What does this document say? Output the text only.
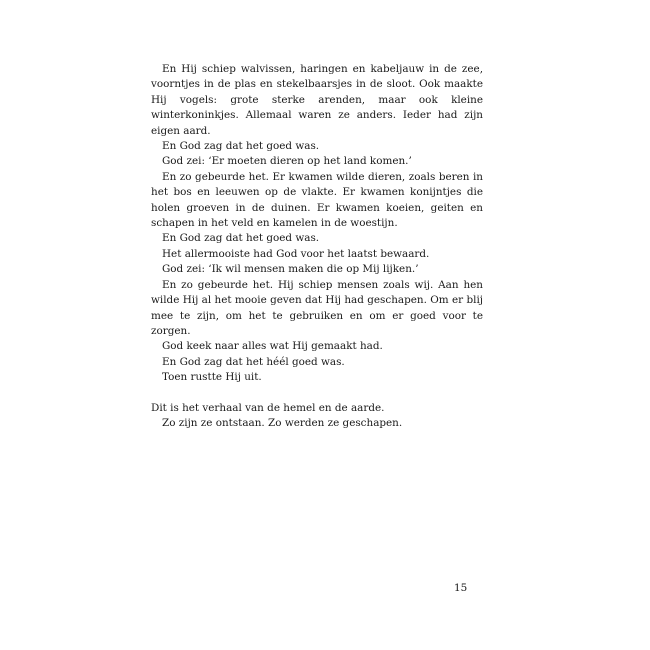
En Hij schiep walvissen, haringen en kabeljauw in de zee, voorntjes in de plas en stekelbaarsjes in de sloot. Ook maakte Hij vogels: grote sterke arenden, maar ook kleine winterkoninkjes. Allemaal waren ze anders. Ieder had zijn eigen aard.

En God zag dat het goed was.

God zei: ‘Er moeten dieren op het land komen.’

En zo gebeurde het. Er kwamen wilde dieren, zoals beren in het bos en leeuwen op de vlakte. Er kwamen konijntjes die holen groeven in de duinen. Er kwamen koeien, geiten en schapen in het veld en kamelen in de woestijn.

En God zag dat het goed was.

Het allermooiste had God voor het laatst bewaard.

God zei: ‘Ik wil mensen maken die op Mij lijken.’

En zo gebeurde het. Hij schiep mensen zoals wij. Aan hen wilde Hij al het mooie geven dat Hij had geschapen. Om er blij mee te zijn, om het te gebruiken en om er goed voor te zorgen.

God keek naar alles wat Hij gemaakt had.

En God zag dat het héél goed was.

Toen rustte Hij uit.

Dit is het verhaal van de hemel en de aarde.

Zo zijn ze ontstaan. Zo werden ze geschapen.

15
